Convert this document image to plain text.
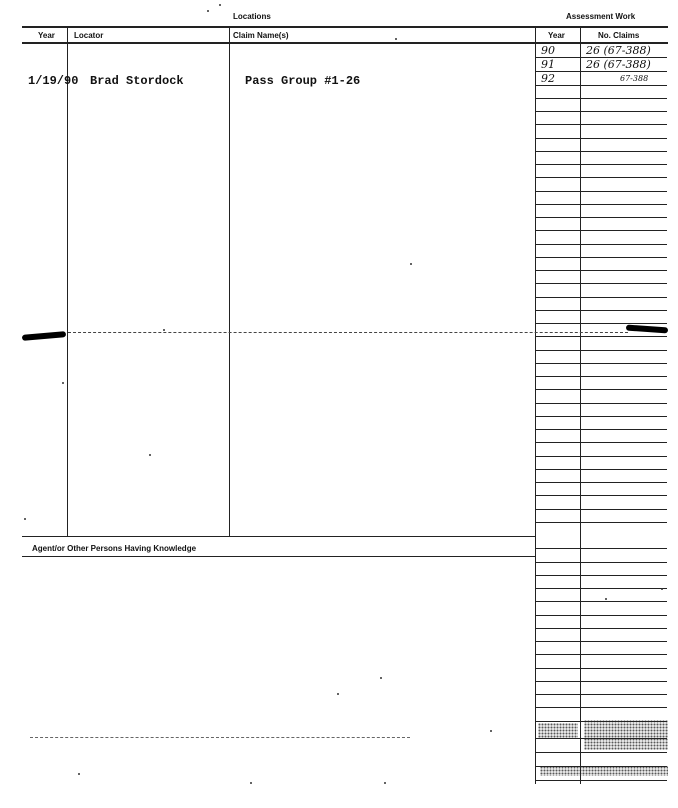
Locations	Assessment Work
Year Locator	Claim Name(s)	Year	No. Claims
1/19/90 Brad Stordock	Pass Group #1-26
90	26 (67-388)
91	26 (67-388)
92	67-388
Agent/or Other Persons Having Knowledge
